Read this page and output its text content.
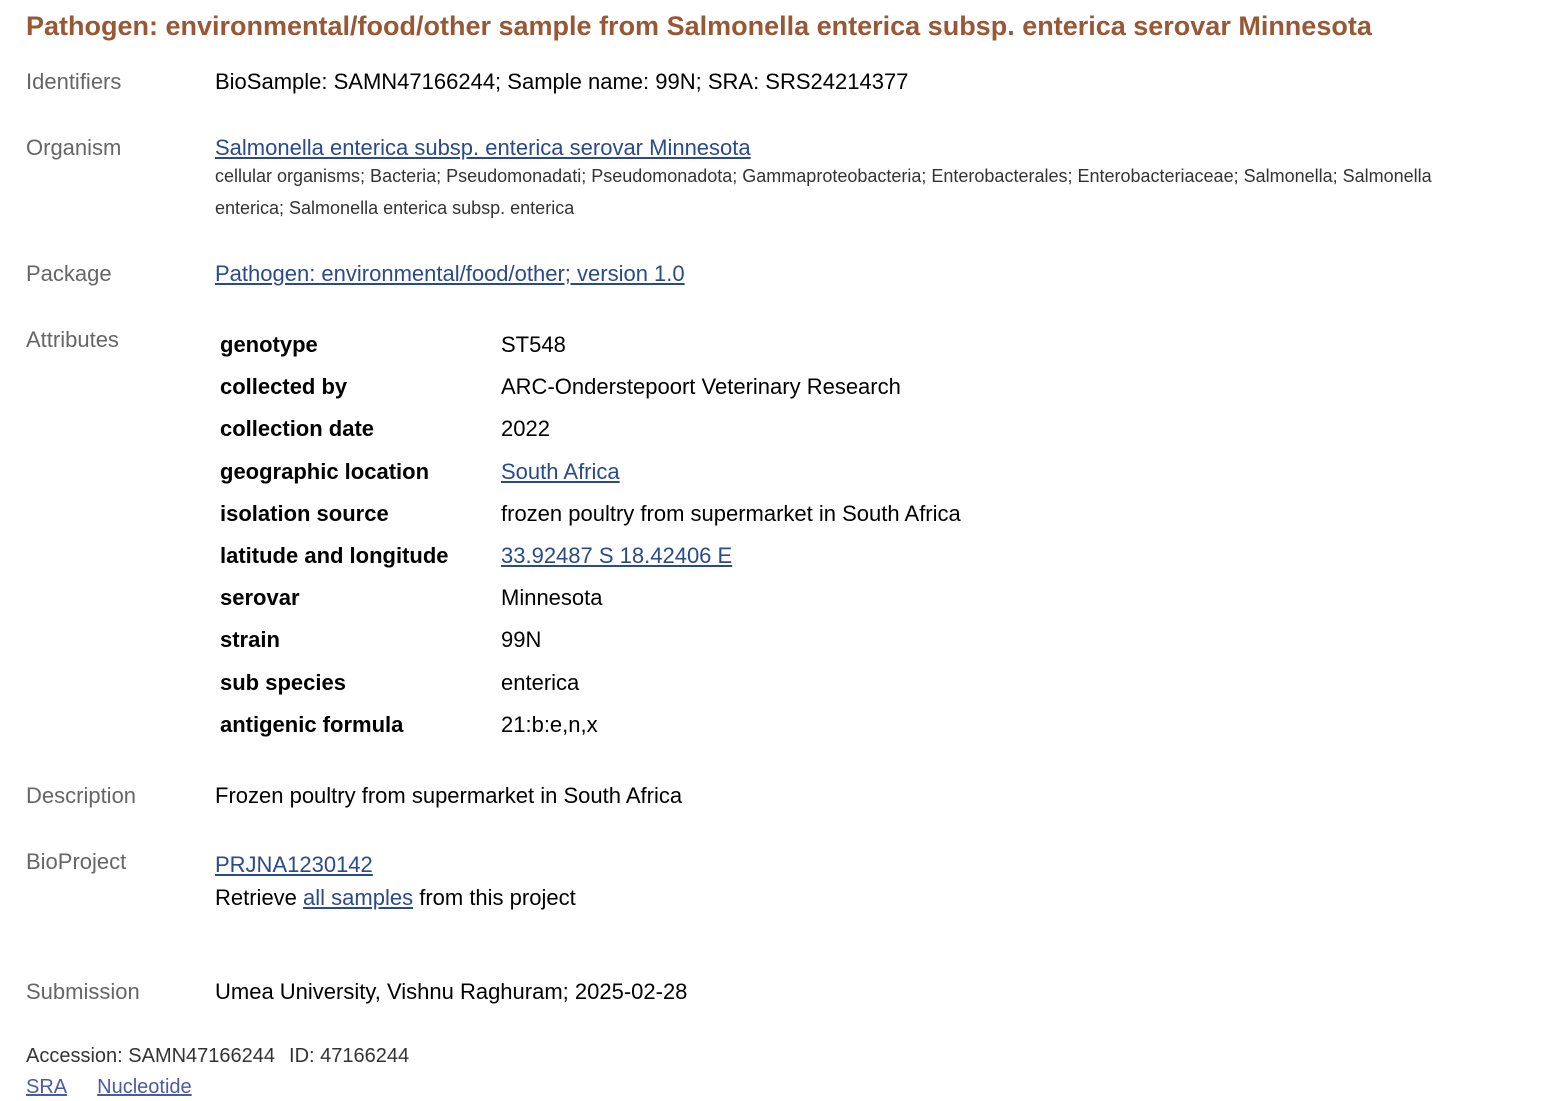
Pathogen: environmental/food/other sample from Salmonella enterica subsp. enterica serovar Minnesota
Identifiers	BioSample: SAMN47166244; Sample name: 99N; SRA: SRS24214377
Organism	Salmonella enterica subsp. enterica serovar Minnesota
cellular organisms; Bacteria; Pseudomonadati; Pseudomonadota; Gammaproteobacteria; Enterobacterales; Enterobacteriaceae; Salmonella; Salmonella
enterica; Salmonella enterica subsp. enterica
Package	Pathogen: environmental/food/other; version 1.0
Attributes	genotype	ST548
collected by	ARC-Onderstepoort Veterinary Research
collection date	2022
geographic location	South Africa
isolation source	frozen poultry from supermarket in South Africa
latitude and longitude	33.92487 S 18.42406 E
serovar	Minnesota
strain	99N
sub species	enterica
antigenic formula	21:b:e,n,x
Description	Frozen poultry from supermarket in South Africa
BioProject	PRJNA1230142
Retrieve all samples from this project
Submission	Umea University, Vishnu Raghuram; 2025-02-28
Accession: SAMN47166244 ID: 47166244
SRA Nucleotide
